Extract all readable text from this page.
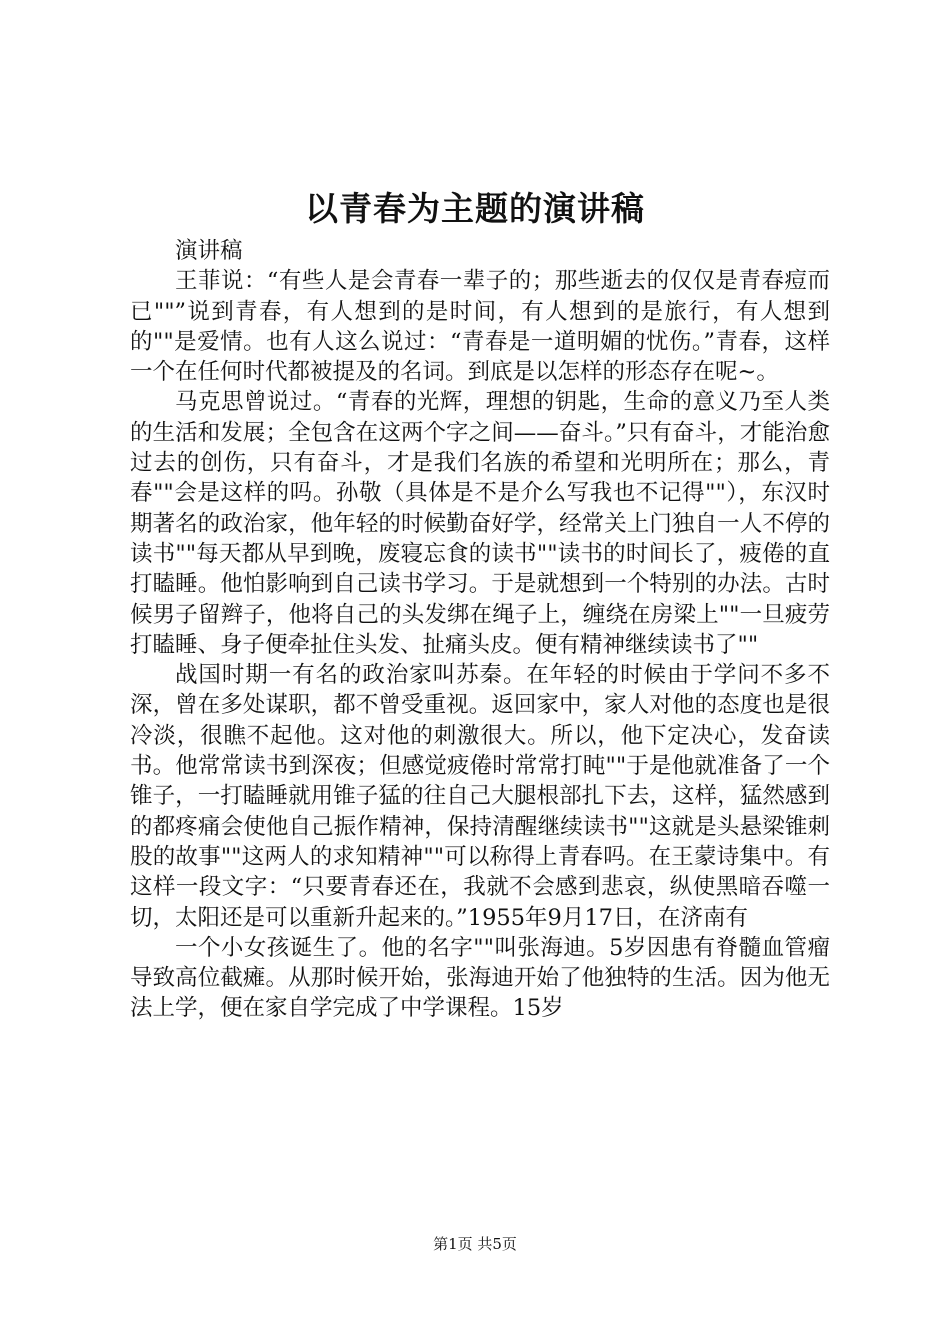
以青春为主题的演讲稿

演讲稿

王菲说：“有些人是会青春一辈子的；那些逝去的仅仅是青春痘而已""”说到青春，有人想到的是时间，有人想到的是旅行，有人想到的""是爱情。也有人这么说过：“青春是一道明媚的忧伤。”青春，这样一个在任何时代都被提及的名词。到底是以怎样的形态存在呢~。

马克思曾说过。“青春的光辉，理想的钥匙，生命的意义乃至人类的生活和发展；全包含在这两个字之间——奋斗。”只有奋斗，才能治愈过去的创伤，只有奋斗，才是我们名族的希望和光明所在；那么，青春""会是这样的吗。孙敬（具体是不是介么写我也不记得""），东汉时期著名的政治家，他年轻的时候勤奋好学，经常关上门独自一人不停的读书""每天都从早到晚，废寝忘食的读书""读书的时间长了，疲倦的直打瞌睡。他怕影响到自己读书学习。于是就想到一个特别的办法。古时候男子留辫子，他将自己的头发绑在绳子上，缠绕在房梁上""一旦疲劳打瞌睡、身子便牵扯住头发、扯痛头皮。便有精神继续读书了""

战国时期一有名的政治家叫苏秦。在年轻的时候由于学问不多不深，曾在多处谋职，都不曾受重视。返回家中，家人对他的态度也是很冷淡，很瞧不起他。这对他的刺激很大。所以，他下定决心，发奋读书。他常常读书到深夜；但感觉疲倦时常常打盹""于是他就准备了一个锥子，一打瞌睡就用锥子猛的往自己大腿根部扎下去，这样，猛然感到的都疼痛会使他自己振作精神，保持清醒继续读书""这就是头悬梁锥刺股的故事""这两人的求知精神""可以称得上青春吗。在王蒙诗集中。有这样一段文字：“只要青春还在，我就不会感到悲哀，纵使黑暗吞噬一切，太阳还是可以重新升起来的。”1955年9月17日，在济南有

一个小女孩诞生了。他的名字""叫张海迪。5岁因患有脊髓血管瘤导致高位截瘫。从那时候开始，张海迪开始了他独特的生活。因为他无法上学，便在家自学完成了中学课程。15岁

第1页 共5页
